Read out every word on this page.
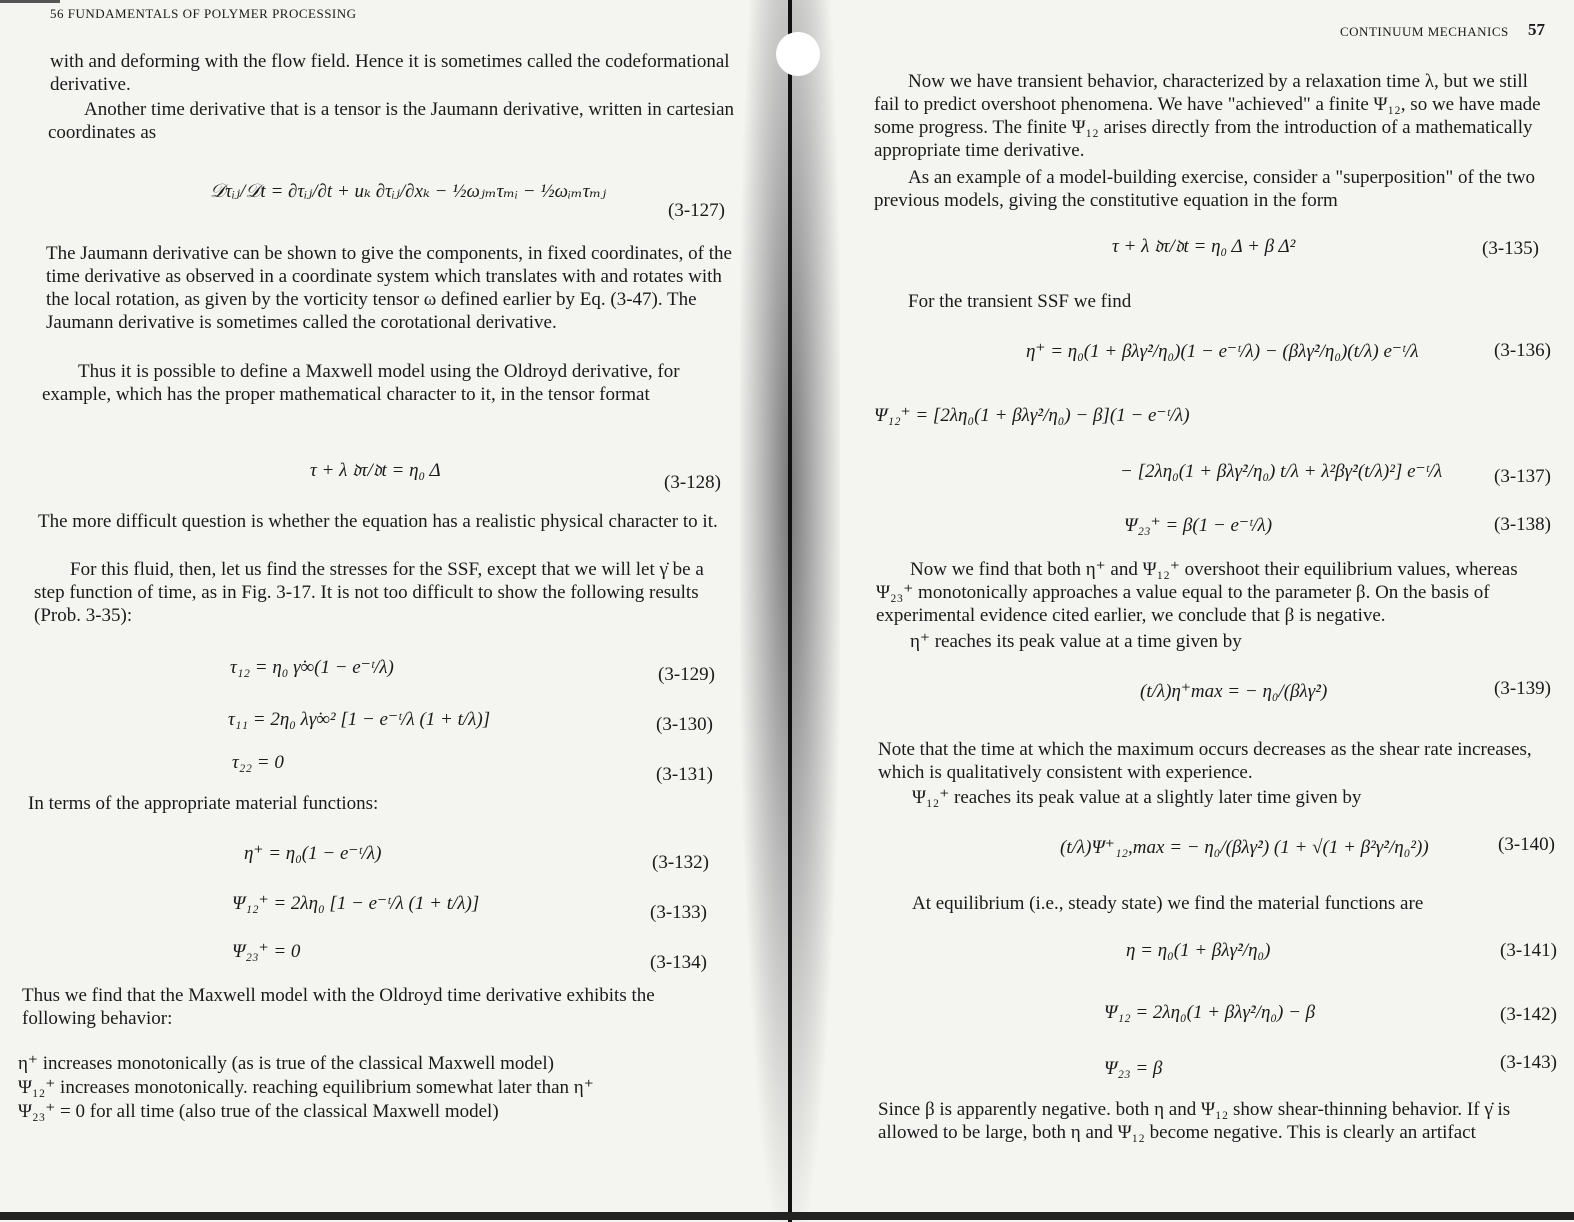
56 FUNDAMENTALS OF POLYMER PROCESSING
with and deforming with the flow field. Hence it is sometimes called the codeformational derivative.
Another time derivative that is a tensor is the Jaumann derivative, written in cartesian coordinates as
𝒟τᵢⱼ/𝒟t = ∂τᵢⱼ/∂t + uₖ ∂τᵢⱼ/∂xₖ − ½ωⱼₘτₘᵢ − ½ωᵢₘτₘⱼ
(3-127)
The Jaumann derivative can be shown to give the components, in fixed coordinates, of the time derivative as observed in a coordinate system which translates with and rotates with the local rotation, as given by the vorticity tensor ω defined earlier by Eq. (3-47). The Jaumann derivative is sometimes called the corotational derivative.
Thus it is possible to define a Maxwell model using the Oldroyd derivative, for example, which has the proper mathematical character to it, in the tensor format
τ + λ 𝔡τ/𝔡t = η₀ Δ
(3-128)
The more difficult question is whether the equation has a realistic physical character to it.
For this fluid, then, let us find the stresses for the SSF, except that we will let γ̇ be a step function of time, as in Fig. 3-17. It is not too difficult to show the following results (Prob. 3-35):
τ₁₂ = η₀ γ̇∞(1 − e⁻ᵗ/λ)	(3-129)
τ₁₁ = 2η₀ λγ̇∞² [1 − e⁻ᵗ/λ (1 + t/λ)]	(3-130)
τ₂₂ = 0
(3-131)
In terms of the appropriate material functions:
η⁺ = η₀(1 − e⁻ᵗ/λ)	(3-132)
Ψ₁₂⁺ = 2λη₀ [1 − e⁻ᵗ/λ (1 + t/λ)]	(3-133)
Ψ₂₃⁺ = 0
(3-134)
Thus we find that the Maxwell model with the Oldroyd time derivative exhibits the following behavior:
η⁺ increases monotonically (as is true of the classical Maxwell model)
Ψ₁₂⁺ increases monotonically. reaching equilibrium somewhat later than η⁺
Ψ₂₃⁺ = 0 for all time (also true of the classical Maxwell model)
CONTINUUM MECHANICS 57
Now we have transient behavior, characterized by a relaxation time λ, but we still fail to predict overshoot phenomena. We have "achieved" a finite Ψ₁₂, so we have made some progress. The finite Ψ₁₂ arises directly from the introduction of a mathematically appropriate time derivative.
As an example of a model-building exercise, consider a "superposition" of the two previous models, giving the constitutive equation in the form
τ + λ 𝔡τ/𝔡t = η₀ Δ + β Δ²	(3-135)
For the transient SSF we find
η⁺ = η₀(1 + βλγ̇²/η₀)(1 − e⁻ᵗ/λ) − (βλγ̇²/η₀)(t/λ) e⁻ᵗ/λ	(3-136)
Ψ₁₂⁺ = [2λη₀(1 + βλγ̇²/η₀) − β](1 − e⁻ᵗ/λ)
− [2λη₀(1 + βλγ̇²/η₀) t/λ + λ²βγ̇²(t/λ)²] e⁻ᵗ/λ	(3-137)
Ψ₂₃⁺ = β(1 − e⁻ᵗ/λ)	(3-138)
Now we find that both η⁺ and Ψ₁₂⁺ overshoot their equilibrium values, whereas Ψ₂₃⁺ monotonically approaches a value equal to the parameter β. On the basis of experimental evidence cited earlier, we conclude that β is negative.
η⁺ reaches its peak value at a time given by
(t/λ)η⁺max = − η₀/(βλγ̇²)	(3-139)
Note that the time at which the maximum occurs decreases as the shear rate increases, which is qualitatively consistent with experience.
Ψ₁₂⁺ reaches its peak value at a slightly later time given by
(t/λ)Ψ⁺₁₂,max = − η₀/(βλγ̇²) (1 + √(1 + β²γ̇²/η₀²))	(3-140)
At equilibrium (i.e., steady state) we find the material functions are
η = η₀(1 + βλγ̇²/η₀)	(3-141)
Ψ₁₂ = 2λη₀(1 + βλγ̇²/η₀) − β	(3-142)
Ψ₂₃ = β	(3-143)
Since β is apparently negative. both η and Ψ₁₂ show shear-thinning behavior. If γ̇ is allowed to be large, both η and Ψ₁₂ become negative. This is clearly an artifact
